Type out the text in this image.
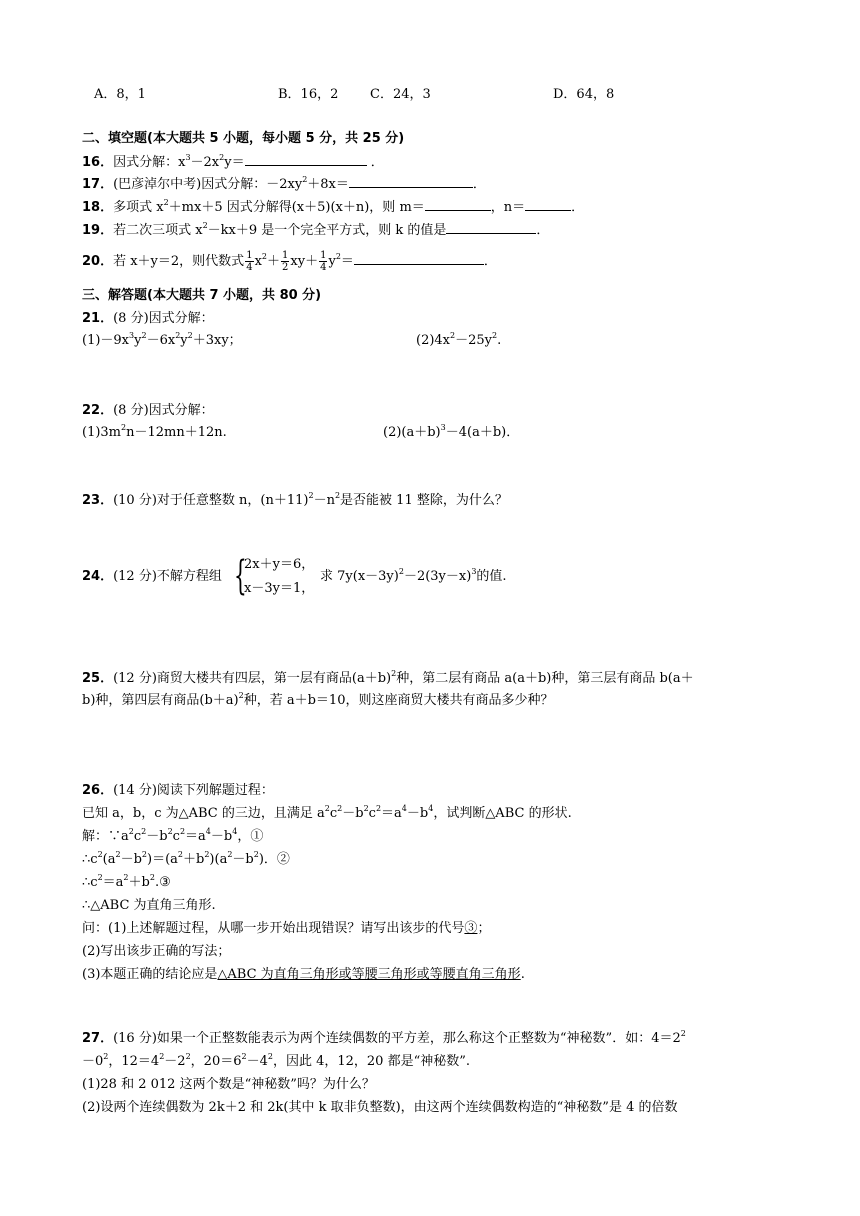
A．8，1	B．16，2 C．24，3	D．64，8
二、填空题(本大题共 5 小题，每小题 5 分，共 25 分)
16．因式分解：$x^3-2x^2y=$	．
17．(巴彦淖尔中考)因式分解：$-2xy^2+8x=$	．
18．多项式 $x^2+mx+5$ 因式分解得(x＋5)(x＋n)，则 m＝	，n＝	．
19．若二次三项式 $x^2-kx+9$ 是一个完全平方式，则 k 的值是	．
20．若 x＋y＝2，则代数式 $\frac{1}{4} x^2+ \frac{1}{2} xy+ \frac{1}{4} y^2=$	．
三、解答题(本大题共 7 小题，共 80 分)
21．(8 分)因式分解：
$(1)-9x^3y^2-6x^2y^2+3xy$；	$(2)4x^2-25y^2$.
22．(8 分)因式分解：
$(1)3m^2n-12mn+12n$.	$(2)(a+b)^3-4(a+b)$．
23．(10 分)对于任意整数 n，$(n+11)^2-n^2$是否能被 11 整除，为什么？
24．(12 分)不解方程组 {
2x＋y＝6，
x－3y＝1，
求 $7y(x-3y)^2-2(3y-x)^3$的值.
25．(12 分)商贸大楼共有四层，第一层有商品$(a+b)^2$种，第二层有商品 a(a＋b)种，第三层有商品 b(a＋
b)种，第四层有商品$(b+a)^2$种，若 a＋b＝10，则这座商贸大楼共有商品多少种？
26．(14 分)阅读下列解题过程：
已知 a，b，c 为△ABC 的三边，且满足 $a^2c^2-b^2c^2=a^4-b^4$，试判断△ABC 的形状.
解：$\because a^2c^2-b^2c^2=a^4-b^4$，①
$\therefore c^2(a^2-b^2)=(a^2+b^2)(a^2-b^2)$．②
$\therefore c^2=a^2+b^2.③$
∴△ABC 为直角三角形.
问：(1)上述解题过程，从哪一步开始出现错误？请写出该步的代号③；
(2)写出该步正确的写法；
(3)本题正确的结论应是△ABC 为直角三角形或等腰三角形或等腰直角三角形.
27．(16 分)如果一个正整数能表示为两个连续偶数的平方差，那么称这个正整数为“神秘数”．如：$4=2^2$
$-0^2$，$12=4^2-2^2$，$20=6^2-4^2$，因此 4，12，20 都是“神秘数”.
(1)28 和 2 012 这两个数是“神秘数”吗？为什么？
(2)设两个连续偶数为 2k＋2 和 2k(其中 k 取非负整数)，由这两个连续偶数构造的“神秘数”是 4 的倍数
